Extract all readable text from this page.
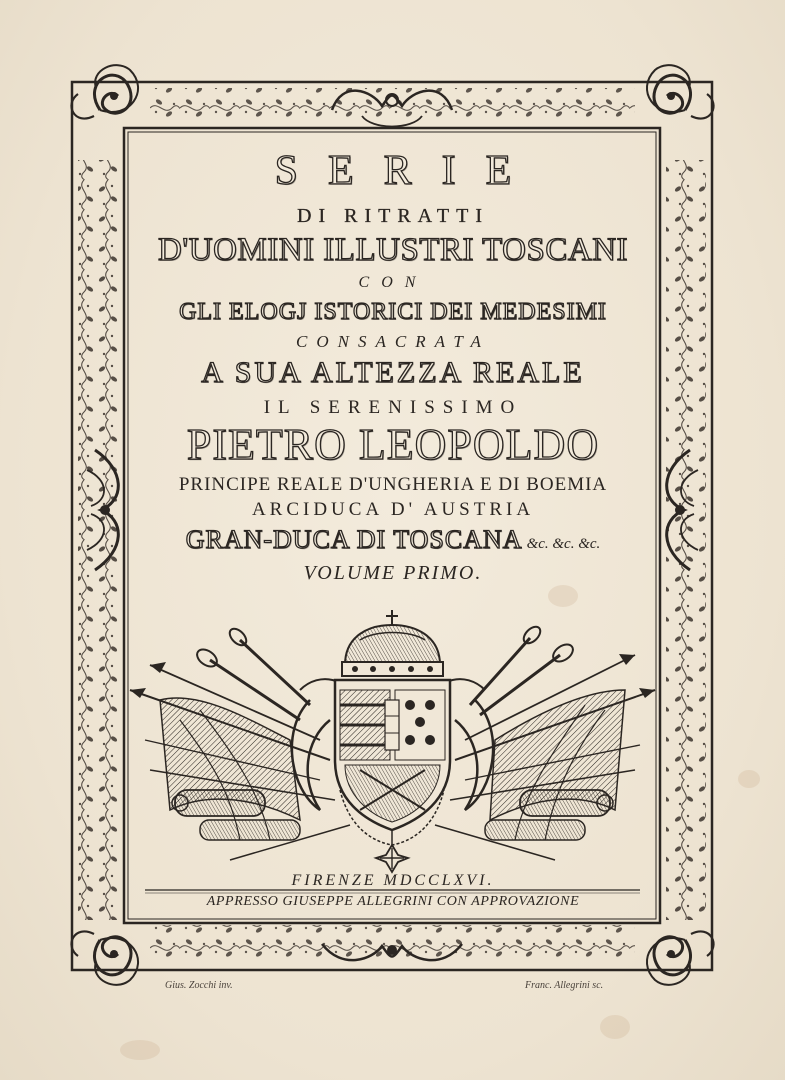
SERIE
DI RITRATTI
D'UOMINI ILLUSTRI TOSCANI
CON
GLI ELOGJ ISTORICI DEI MEDESIMI
CONSACRATA
A SUA ALTEZZA REALE
IL SERENISSIMO
PIETRO LEOPOLDO
PRINCIPE REALE D'UNGHERIA E DI BOEMIA
ARCIDUCA D' AUSTRIA
GRAN-DUCA DI TOSCANA &c. &c. &c.
VOLUME PRIMO.
FIRENZE MDCCLXVI.
APPRESSO GIUSEPPE ALLEGRINI CON APPROVAZIONE
Gius. Zocchi inv.	Franc. Allegrini sc.
